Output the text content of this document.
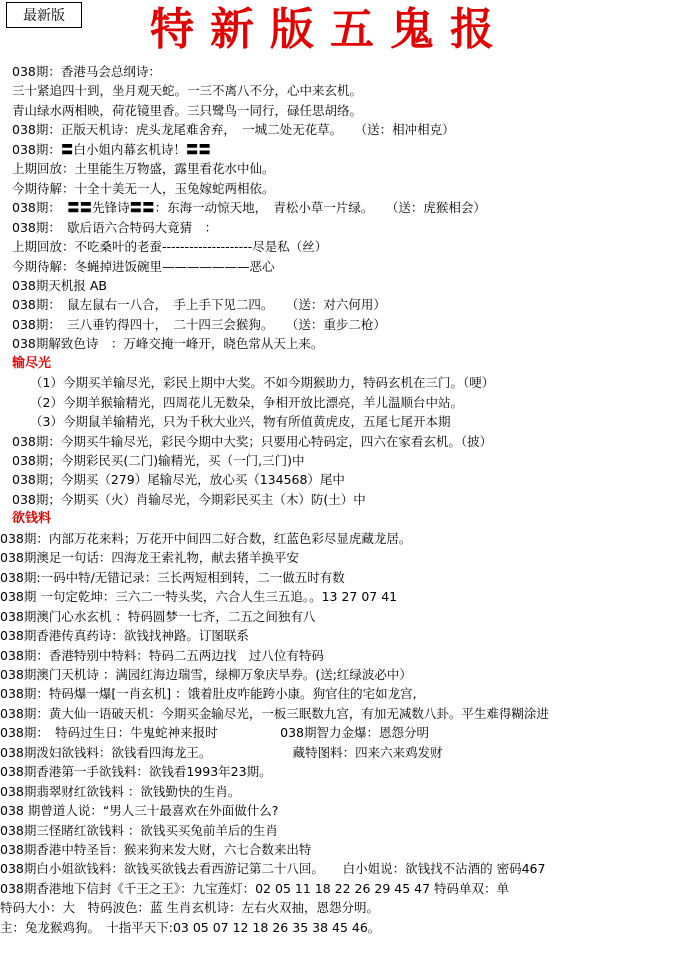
最新版	特新版五鬼报
038期：香港马会总纲诗：
三十紧追四十到，坐月观天蛇。一三不离八不分，心中来玄机。
青山绿水两相映，荷花镜里香。三只鹭鸟一同行，碌任思胡络。
038期：正版天机诗：虎头龙尾难舍弃，　一城二处无花草。　　（送：相冲相克）
038期：〓白小姐内幕玄机诗！〓〓
上期回放：土里能生万物盛，露里看花水中仙。
今期待解：十全十美无一人，玉兔嫁蛇两相依。
038期：　〓〓先锋诗〓〓：东海一动惊天地，　青松小草一片绿。　　（送：虎猴相会）
038期：　歇后语六合特码大竟猜　：
上期回放：不吃桑叶的老蚕--------------------尽是私（丝）
今期待解：冬蝇掉进饭碗里———————恶心
038期天机报 AB
038期：　鼠左鼠右一八合，　手上手下见二四。　　（送：对六何用）
038期：　三八垂钓得四十，　二十四三会猴狗。　　（送：重步二枪）
038期解致色诗　：万峰交掩一峰开，晓色常从天上来。
输尽光
（1）今期买羊输尽光，彩民上期中大奖。不如今期猴助力，特码玄机在三门。（哽）
（2）今期羊猴输精光，四周花儿无数朵，争相开放比漂亮，羊儿温顺台中站。
（3）今期鼠羊输精光，只为千秋大业兴，物有所值黄虎皮，五尾七尾开本期
038期：今期买牛输尽光，彩民今期中大奖；只要用心特码定，四六在家看玄机。（披）
038期；今期彩民买(二门)输精光，买（一门,三门)中
038期；今期买（279）尾输尽光，放心买（134568）尾中
038期；今期买（火）肖输尽光，今期彩民买主（木）防(土）中
欲钱料
038期：内部万花来料；万花开中间四二好合数，红蓝色彩尽显虎藏龙居。
038期澳足一句话：四海龙王索礼物，献去猪羊换平安
038期:一码中特/无错记录：三长两短相到转，二一做五时有数
038期 一句定乾坤：三六二一特头奖，六合人生三五追。。13 27 07 41
038期澳门心水玄机 ：特码圆梦一七齐，二五之间独有八
038期香港传真药诗：欲钱找神路。订图联系
038期：香港特别中特料：特码二五两边找　过八位有特码
038期澳门天机诗 ：满园红海边瑞雪，绿柳万象庆旱券。(送;红绿波必中）
038期：特码爆一爆[一肖玄机] ：饿着肚皮咋能跨小康。狗官住的宅如龙宫,
038期：黄大仙一语破天机：今期买金输尽光，一板三眠数九宫，有加无减数八卦。平生难得糊涂进
038期：　特码过生日：牛鬼蛇神来报时　　　　　038期智力金爆：恩怨分明
038期泼妇欲钱料：欲钱看四海龙王。　　　　　　　藏特图料：四来六来鸡发财
038期香港第一手欲钱料：欲钱看1993年23期。
038期翡翠财红欲钱料 ：欲钱勤快的生肖。
038 期曾道人说：“男人三十最喜欢在外面做什么?
038期三怪睹红欲钱料 ：欲钱买买兔前羊后的生肖
038期香港中特圣旨：猴来狗来发大财，六七合数来出特
038期白小姐欲钱料：欲钱买欲钱去看西游记第二十八回。　　白小姐说：欲钱找不沾酒的 密码467
038期香港地下信封《千王之王》：九宝莲灯：02 05 11 18 22 26 29 45 47 特码单双：单
特码大小：大　特码波色：蓝 生肖玄机诗：左右火双抽，恩怨分明。
主：兔龙猴鸡狗。　十指平天下:03 05 07 12 18 26 35 38 45 46。
